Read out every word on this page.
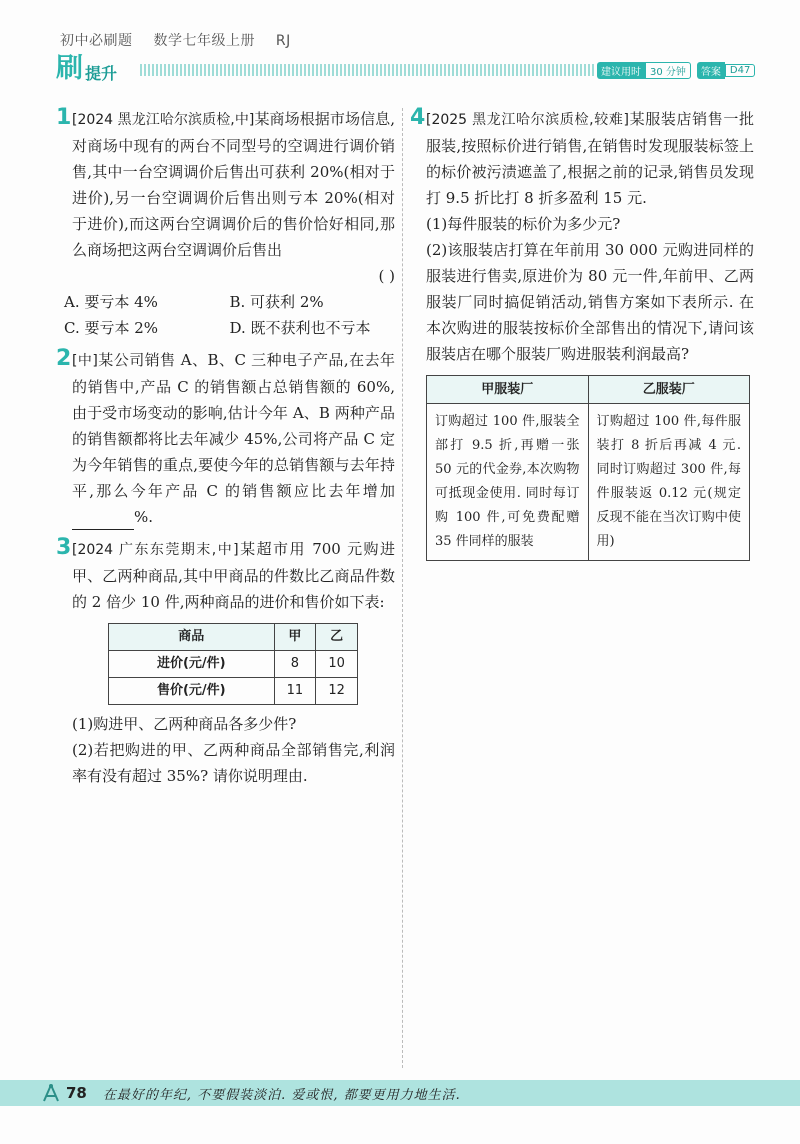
初中必刷题 数学七年级上册 RJ
刷 提升	建议用时 30 分钟	答案 D47
1 [2024 黑龙江哈尔滨质检,中]某商场根据市场信息,对商场中现有的两台不同型号的空调进行调价销售,其中一台空调调价后售出可获利 20%(相对于进价),另一台空调调价后售出则亏本 20%(相对于进价),而这两台空调调价后的售价恰好相同,那么商场把这两台空调调价后售出
( )
A. 要亏本 4%	B. 可获利 2%
C. 要亏本 2%	D. 既不获利也不亏本
2 [中]某公司销售 A、B、C 三种电子产品,在去年的销售中,产品 C 的销售额占总销售额的 60%,由于受市场变动的影响,估计今年 A、B 两种产品的销售额都将比去年减少 45%,公司将产品 C 定为今年销售的重点,要使今年的总销售额与去年持平,那么今年产品 C 的销售额应比去年增加%.
3 [2024 广东东莞期末,中]某超市用 700 元购进甲、乙两种商品,其中甲商品的件数比乙商品件数的 2 倍少 10 件,两种商品的进价和售价如下表:
商品	甲	乙
进价(元/件)	8	10
售价(元/件)	11	12
(1)购进甲、乙两种商品各多少件?
(2)若把购进的甲、乙两种商品全部销售完,利润率有没有超过 35%? 请你说明理由.
4 [2025 黑龙江哈尔滨质检,较难]某服装店销售一批服装,按照标价进行销售,在销售时发现服装标签上的标价被污渍遮盖了,根据之前的记录,销售员发现打 9.5 折比打 8 折多盈利 15 元.
(1)每件服装的标价为多少元?
(2)该服装店打算在年前用 30 000 元购进同样的服装进行售卖,原进价为 80 元一件,年前甲、乙两服装厂同时搞促销活动,销售方案如下表所示. 在本次购进的服装按标价全部售出的情况下,请问该服装店在哪个服装厂购进服装利润最高?
甲服装厂	乙服装厂
订购超过 100 件,服装全部打 9.5 折,再赠一张 50 元的代金券,本次购物可抵现金使用. 同时每订购 100 件,可免费配赠 35 件同样的服装	订购超过 100 件,每件服装打 8 折后再减 4 元. 同时订购超过 300 件,每件服装返 0.12 元(规定反现不能在当次订购中使用)
78 在最好的年纪, 不要假装淡泊. 爱或恨, 都要更用力地生活.
